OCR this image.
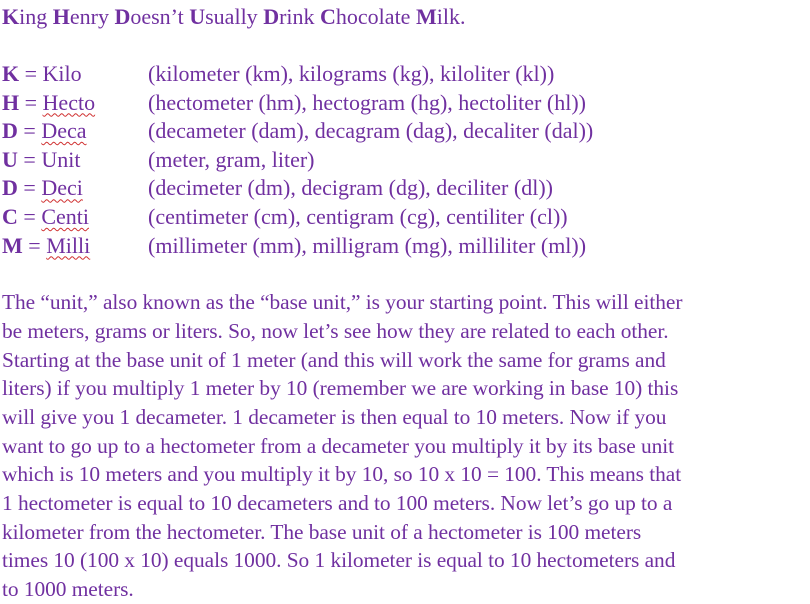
King Henry Doesn’t Usually Drink Chocolate Milk.

K = Kilo	(kilometer (km), kilograms (kg), kiloliter (kl))
H = Hecto	(hectometer (hm), hectogram (hg), hectoliter (hl))
D = Deca	(decameter (dam), decagram (dag), decaliter (dal))
U = Unit	(meter, gram, liter)
D = Deci	(decimeter (dm), decigram (dg), deciliter (dl))
C = Centi	(centimeter (cm), centigram (cg), centiliter (cl))
M = Milli	(millimeter (mm), milligram (mg), milliliter (ml))
The “unit,” also known as the “base unit,” is your starting point. This will either
be meters, grams or liters. So, now let’s see how they are related to each other.
Starting at the base unit of 1 meter (and this will work the same for grams and
liters) if you multiply 1 meter by 10 (remember we are working in base 10) this
will give you 1 decameter. 1 decameter is then equal to 10 meters. Now if you
want to go up to a hectometer from a decameter you multiply it by its base unit
which is 10 meters and you multiply it by 10, so 10 x 10 = 100. This means that
1 hectometer is equal to 10 decameters and to 100 meters. Now let’s go up to a
kilometer from the hectometer. The base unit of a hectometer is 100 meters
times 10 (100 x 10) equals 1000. So 1 kilometer is equal to 10 hectometers and
to 1000 meters.
